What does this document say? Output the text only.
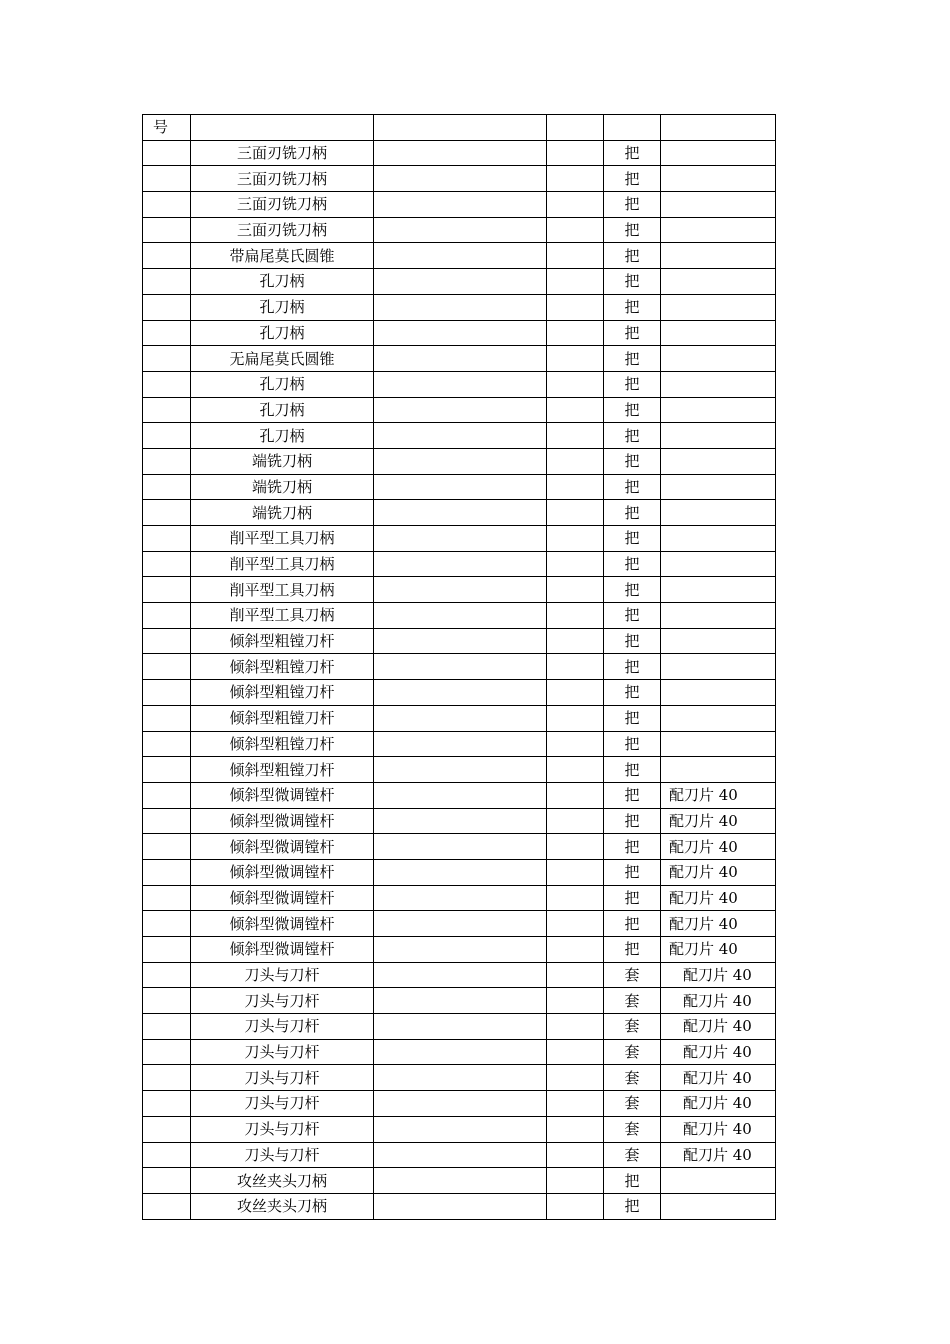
号					
	三面刃铣刀柄			把	
	三面刃铣刀柄			把	
	三面刃铣刀柄			把	
	三面刃铣刀柄			把	
	带扁尾莫氏圆锥			把	
	孔刀柄			把	
	孔刀柄			把	
	孔刀柄			把	
	无扁尾莫氏圆锥			把	
	孔刀柄			把	
	孔刀柄			把	
	孔刀柄			把	
	端铣刀柄			把	
	端铣刀柄			把	
	端铣刀柄			把	
	削平型工具刀柄			把	
	削平型工具刀柄			把	
	削平型工具刀柄			把	
	削平型工具刀柄			把	
	倾斜型粗镗刀杆			把	
	倾斜型粗镗刀杆			把	
	倾斜型粗镗刀杆			把	
	倾斜型粗镗刀杆			把	
	倾斜型粗镗刀杆			把	
	倾斜型粗镗刀杆			把	
	倾斜型微调镗杆			把	配刀片 40
	倾斜型微调镗杆			把	配刀片 40
	倾斜型微调镗杆			把	配刀片 40
	倾斜型微调镗杆			把	配刀片 40
	倾斜型微调镗杆			把	配刀片 40
	倾斜型微调镗杆			把	配刀片 40
	倾斜型微调镗杆			把	配刀片 40
	刀头与刀杆			套	配刀片 40
	刀头与刀杆			套	配刀片 40
	刀头与刀杆			套	配刀片 40
	刀头与刀杆			套	配刀片 40
	刀头与刀杆			套	配刀片 40
	刀头与刀杆			套	配刀片 40
	刀头与刀杆			套	配刀片 40
	刀头与刀杆			套	配刀片 40
	攻丝夹头刀柄			把	
	攻丝夹头刀柄			把	
